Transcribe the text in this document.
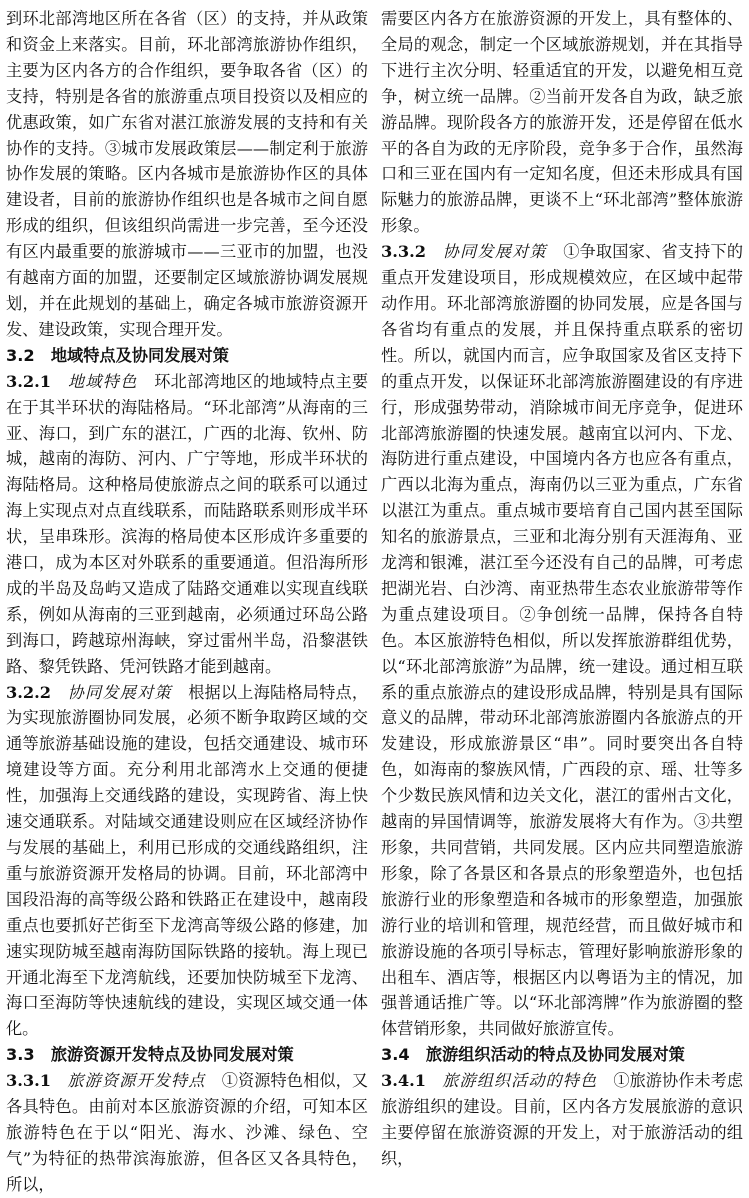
到环北部湾地区所在各省（区）的支持，并从政策和资金上来落实。目前，环北部湾旅游协作组织，主要为区内各方的合作组织，要争取各省（区）的支持，特别是各省的旅游重点项目投资以及相应的优惠政策，如广东省对湛江旅游发展的支持和有关协作的支持。③城市发展政策层——制定利于旅游协作发展的策略。区内各城市是旅游协作区的具体建设者，目前的旅游协作组织也是各城市之间自愿形成的组织，但该组织尚需进一步完善，至今还没有区内最重要的旅游城市——三亚市的加盟，也没有越南方面的加盟，还要制定区域旅游协调发展规划，并在此规划的基础上，确定各城市旅游资源开发、建设政策，实现合理开发。

3.2　地域特点及协同发展对策

3.2.1　 地域特色　 环北部湾地区的地域特点主要在于其半环状的海陆格局。“环北部湾”从海南的三亚、海口，到广东的湛江，广西的北海、钦州、防城，越南的海防、河内、广宁等地，形成半环状的海陆格局。这种格局使旅游点之间的联系可以通过海上实现点对点直线联系，而陆路联系则形成半环状，呈串珠形。滨海的格局使本区形成许多重要的港口，成为本区对外联系的重要通道。但沿海所形成的半岛及岛屿又造成了陆路交通难以实现直线联系，例如从海南的三亚到越南，必须通过环岛公路到海口，跨越琼州海峡，穿过雷州半岛，沿黎湛铁路、黎凭铁路、凭河铁路才能到越南。

3.2.2　 协同发展对策　 根据以上海陆格局特点，为实现旅游圈协同发展，必须不断争取跨区域的交通等旅游基础设施的建设，包括交通建设、城市环境建设等方面。充分利用北部湾水上交通的便捷性，加强海上交通线路的建设，实现跨省、海上快速交通联系。对陆域交通建设则应在区域经济协作与发展的基础上，利用已形成的交通线路组织，注重与旅游资源开发格局的协调。目前，环北部湾中国段沿海的高等级公路和铁路正在建设中，越南段重点也要抓好芒街至下龙湾高等级公路的修建，加速实现防城至越南海防国际铁路的接轨。海上现已开通北海至下龙湾航线，还要加快防城至下龙湾、海口至海防等快速航线的建设，实现区域交通一体化。

3.3　旅游资源开发特点及协同发展对策

3.3.1　 旅游资源开发特点　 ①资源特色相似，又各具特色。由前对本区旅游资源的介绍，可知本区旅游特色在于以“阳光、海水、沙滩、绿色、空气”为特征的热带滨海旅游，但各区又各具特色，所以，

需要区内各方在旅游资源的开发上，具有整体的、全局的观念，制定一个区域旅游规划，并在其指导下进行主次分明、轻重适宜的开发，以避免相互竞争，树立统一品牌。②当前开发各自为政，缺乏旅游品牌。现阶段各方的旅游开发，还是停留在低水平的各自为政的无序阶段，竞争多于合作，虽然海口和三亚在国内有一定知名度，但还未形成具有国际魅力的旅游品牌，更谈不上“环北部湾”整体旅游形象。

3.3.2　 协同发展对策　 ①争取国家、省支持下的重点开发建设项目，形成规模效应，在区域中起带动作用。环北部湾旅游圈的协同发展，应是各国与各省均有重点的发展，并且保持重点联系的密切性。所以，就国内而言，应争取国家及省区支持下的重点开发，以保证环北部湾旅游圈建设的有序进行，形成强势带动，消除城市间无序竞争，促进环北部湾旅游圈的快速发展。越南宜以河内、下龙、海防进行重点建设，中国境内各方也应各有重点，广西以北海为重点，海南仍以三亚为重点，广东省以湛江为重点。重点城市要培育自己国内甚至国际知名的旅游景点，三亚和北海分别有天涯海角、亚龙湾和银滩，湛江至今还没有自己的品牌，可考虑把湖光岩、白沙湾、南亚热带生态农业旅游带等作为重点建设项目。②争创统一品牌，保持各自特色。本区旅游特色相似，所以发挥旅游群组优势，以“环北部湾旅游”为品牌，统一建设。通过相互联系的重点旅游点的建设形成品牌，特别是具有国际意义的品牌，带动环北部湾旅游圈内各旅游点的开发建设，形成旅游景区“串”。同时要突出各自特色，如海南的黎族风情，广西段的京、瑶、壮等多个少数民族风情和边关文化，湛江的雷州古文化，越南的异国情调等，旅游发展将大有作为。③共塑形象，共同营销，共同发展。区内应共同塑造旅游形象，除了各景区和各景点的形象塑造外，也包括旅游行业的形象塑造和各城市的形象塑造，加强旅游行业的培训和管理，规范经营，而且做好城市和旅游设施的各项引导标志，管理好影响旅游形象的出租车、酒店等，根据区内以粤语为主的情况，加强普通话推广等。以“环北部湾牌”作为旅游圈的整体营销形象，共同做好旅游宣传。

3.4　旅游组织活动的特点及协同发展对策

3.4.1　 旅游组织活动的特色　 ①旅游协作未考虑旅游组织的建设。目前，区内各方发展旅游的意识主要停留在旅游资源的开发上，对于旅游活动的组织，
